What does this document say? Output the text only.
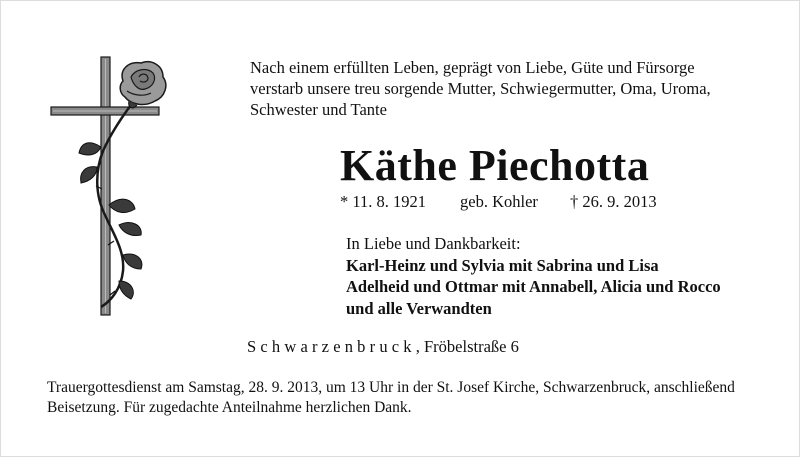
Nach einem erfüllten Leben, geprägt von Liebe, Güte und Fürsorge
verstarb unsere treu sorgende Mutter, Schwiegermutter, Oma, Uroma,
Schwester und Tante
Käthe Piechotta
* 11. 8. 1921 geb. Kohler † 26. 9. 2013
In Liebe und Dankbarkeit:
Karl-Heinz und Sylvia mit Sabrina und Lisa
Adelheid und Ottmar mit Annabell, Alicia und Rocco
und alle Verwandten
Schwarzenbruck, Fröbelstraße 6
Trauergottesdienst am Samstag, 28. 9. 2013, um 13 Uhr in der St. Josef Kirche, Schwarzenbruck, anschließend
Beisetzung. Für zugedachte Anteilnahme herzlichen Dank.
